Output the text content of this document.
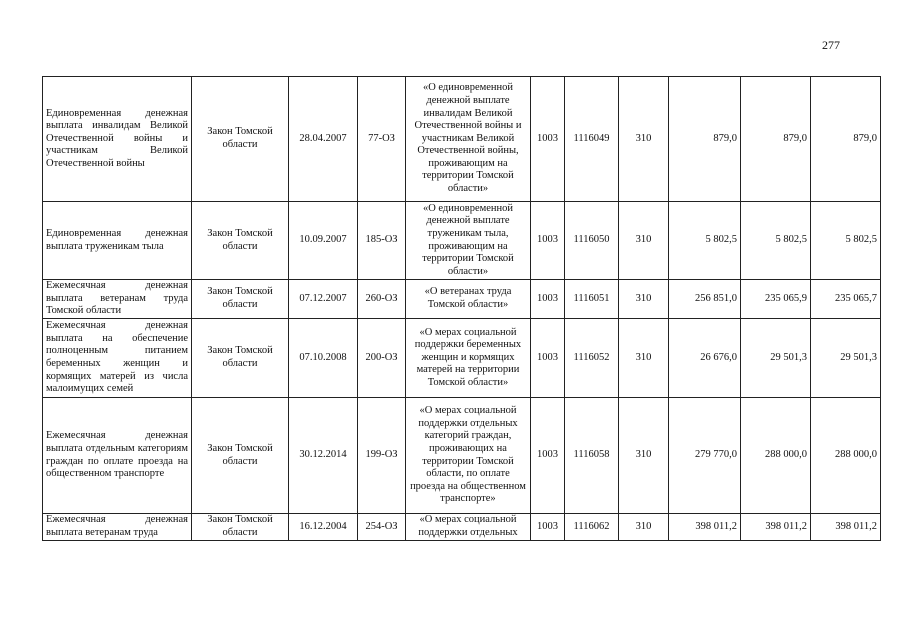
277
Единовременная денежная выплата инвалидам Великой Отечественной войны и участникам Великой Отечественной войны	Закон Томской области	28.04.2007	77-ОЗ	«О единовременной денежной выплате инвалидам Великой Отечественной войны и участникам Великой Отечественной войны, проживающим на территории Томской области»	1003	1116049	310	879,0	879,0	879,0
Единовременная денежная выплата труженикам тыла	Закон Томской области	10.09.2007	185-ОЗ	«О единовременной денежной выплате труженикам тыла, проживающим на территории Томской области»	1003	1116050	310	5 802,5	5 802,5	5 802,5
Ежемесячная денежная выплата ветеранам труда Томской области	Закон Томской области	07.12.2007	260-ОЗ	«О ветеранах труда Томской области»	1003	1116051	310	256 851,0	235 065,9	235 065,7
Ежемесячная денежная выплата на обеспечение полноценным питанием беременных женщин и кормящих матерей из числа малоимущих семей	Закон Томской области	07.10.2008	200-ОЗ	«О мерах социальной поддержки беременных женщин и кормящих матерей на территории Томской области»	1003	1116052	310	26 676,0	29 501,3	29 501,3
Ежемесячная денежная выплата отдельным категориям граждан по оплате проезда на общественном транспорте	Закон Томской области	30.12.2014	199-ОЗ	«О мерах социальной поддержки отдельных категорий граждан, проживающих на территории Томской области, по оплате проезда на общественном транспорте»	1003	1116058	310	279 770,0	288 000,0	288 000,0
Ежемесячная денежная выплата ветеранам труда	Закон Томской области	16.12.2004	254-ОЗ	«О мерах социальной поддержки отдельных	1003	1116062	310	398 011,2	398 011,2	398 011,2
